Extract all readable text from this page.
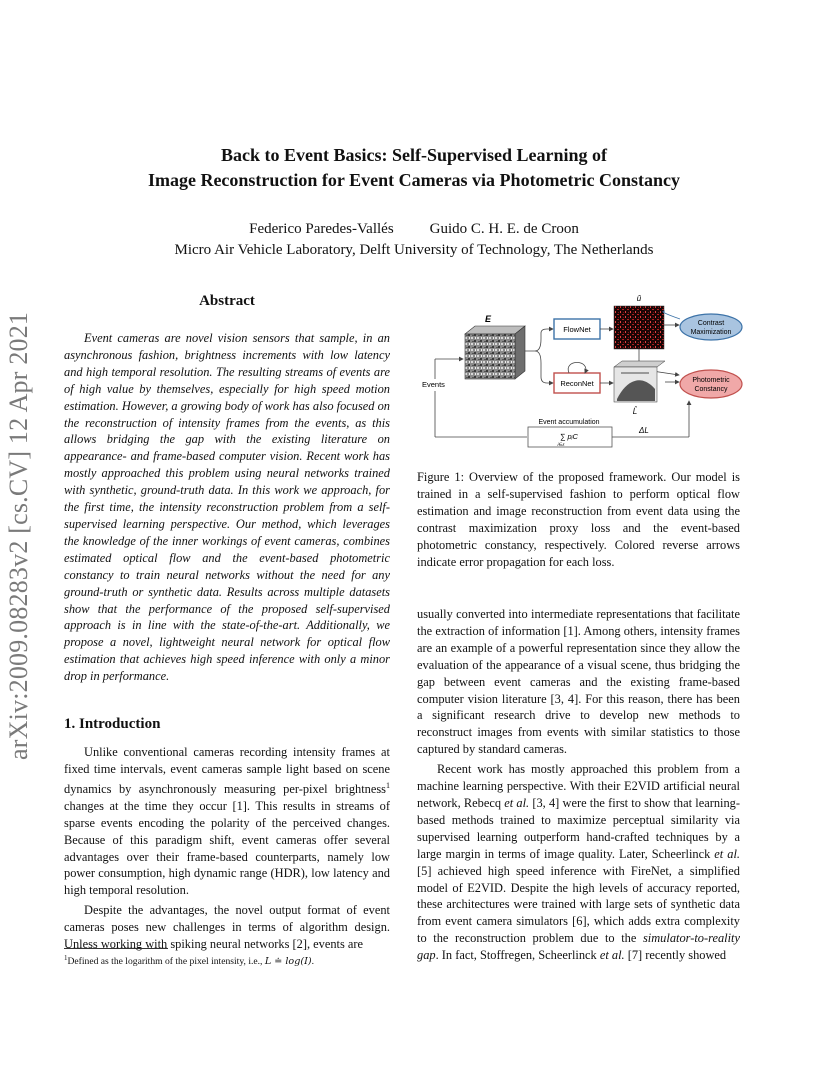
arXiv:2009.08283v2 [cs.CV] 12 Apr 2021
Back to Event Basics: Self-Supervised Learning of
Image Reconstruction for Event Cameras via Photometric Constancy
Federico Paredes-Vallés Guido C. H. E. de Croon
Micro Air Vehicle Laboratory, Delft University of Technology, The Netherlands
Abstract

Event cameras are novel vision sensors that sample, in an asynchronous fashion, brightness increments with low latency and high temporal resolution. The resulting streams of events are of high value by themselves, especially for high speed motion estimation. However, a growing body of work has also focused on the reconstruction of intensity frames from the events, as this allows bridging the gap with the existing literature on appearance- and frame-based computer vision. Recent work has mostly approached this problem using neural networks trained with synthetic, ground-truth data. In this work we approach, for the first time, the intensity reconstruction problem from a self-supervised learning perspective. Our method, which leverages the knowledge of the inner workings of event cameras, combines estimated optical flow and the event-based photometric constancy to train neural networks without the need for any ground-truth or synthetic data. Results across multiple datasets show that the performance of the proposed self-supervised approach is in line with the state-of-the-art. Additionally, we propose a novel, lightweight neural network for optical flow estimation that achieves high speed inference with only a minor drop in performance.

1. Introduction

Unlike conventional cameras recording intensity frames at fixed time intervals, event cameras sample light based on scene dynamics by asynchronously measuring per-pixel brightness$^1$ changes at the time they occur [1]. This results in streams of sparse events encoding the polarity of the perceived changes. Because of this paradigm shift, event cameras offer several advantages over their frame-based counterparts, namely low power consumption, high dynamic range (HDR), low latency and high temporal resolution.

Despite the advantages, the novel output format of event cameras poses new challenges in terms of algorithm design. Unless working with spiking neural networks [2], events are

$^1$Defined as the logarithm of the pixel intensity, i.e., L ≐ log(I).
E
Events
FlowNet
û
Contrast
Maximization
ReconNet
L̂
Photometric
Constancy
Event accumulation
∑ pᵢC
i∈ε
ΔL
Figure 1: Overview of the proposed framework. Our model is trained in a self-supervised fashion to perform optical flow estimation and image reconstruction from event data using the contrast maximization proxy loss and the event-based photometric constancy, respectively. Colored reverse arrows indicate error propagation for each loss.

usually converted into intermediate representations that facilitate the extraction of information [1]. Among others, intensity frames are an example of a powerful representation since they allow the evaluation of the appearance of a visual scene, thus bridging the gap between event cameras and the existing frame-based computer vision literature [3, 4]. For this reason, there has been a significant research drive to develop new methods to reconstruct images from events with similar statistics to those captured by standard cameras.

Recent work has mostly approached this problem from a machine learning perspective. With their E2VID artificial neural network, Rebecq et al. [3, 4] were the first to show that learning-based methods trained to maximize perceptual similarity via supervised learning outperform hand-crafted techniques by a large margin in terms of image quality. Later, Scheerlinck et al. [5] achieved high speed inference with FireNet, a simplified model of E2VID. Despite the high levels of accuracy reported, these architectures were trained with large sets of synthetic data from event camera simulators [6], which adds extra complexity to the reconstruction problem due to the simulator-to-reality gap. In fact, Stoffregen, Scheerlinck et al. [7] recently showed
